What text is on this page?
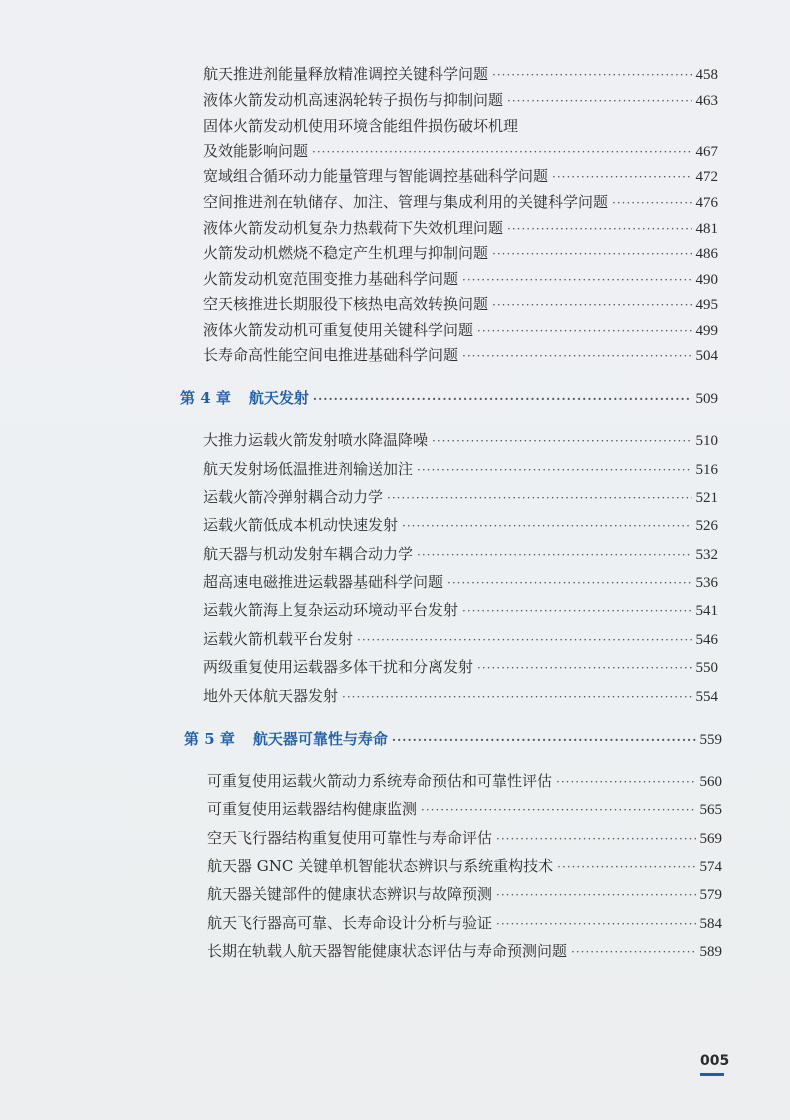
航天推进剂能量释放精准调控关键科学问题 ·····	458
液体火箭发动机高速涡轮转子损伤与抑制问题 ·····	463
固体火箭发动机使用环境含能组件损伤破坏机理
及效能影响问题 ·····	467
宽域组合循环动力能量管理与智能调控基础科学问题 ·····	472
空间推进剂在轨储存、加注、管理与集成利用的关键科学问题 ·····	476
液体火箭发动机复杂力热载荷下失效机理问题 ·····	481
火箭发动机燃烧不稳定产生机理与抑制问题 ·····	486
火箭发动机宽范围变推力基础科学问题 ·····	490
空天核推进长期服役下核热电高效转换问题 ·····	495
液体火箭发动机可重复使用关键科学问题 ·····	499
长寿命高性能空间电推进基础科学问题 ·····	504
第 4 章 航天发射 ·····	509
大推力运载火箭发射喷水降温降噪 ·····	510
航天发射场低温推进剂输送加注 ·····	516
运载火箭冷弹射耦合动力学 ·····	521
运载火箭低成本机动快速发射 ·····	526
航天器与机动发射车耦合动力学 ·····	532
超高速电磁推进运载器基础科学问题 ·····	536
运载火箭海上复杂运动环境动平台发射 ·····	541
运载火箭机载平台发射 ·····	546
两级重复使用运载器多体干扰和分离发射 ·····	550
地外天体航天器发射 ·····	554
第 5 章 航天器可靠性与寿命 ·····	559
可重复使用运载火箭动力系统寿命预估和可靠性评估 ·····	560
可重复使用运载器结构健康监测 ·····	565
空天飞行器结构重复使用可靠性与寿命评估 ·····	569
航天器 GNC 关键单机智能状态辨识与系统重构技术 ·····	574
航天器关键部件的健康状态辨识与故障预测 ·····	579
航天飞行器高可靠、长寿命设计分析与验证 ·····	584
长期在轨载人航天器智能健康状态评估与寿命预测问题 ·····	589
005
